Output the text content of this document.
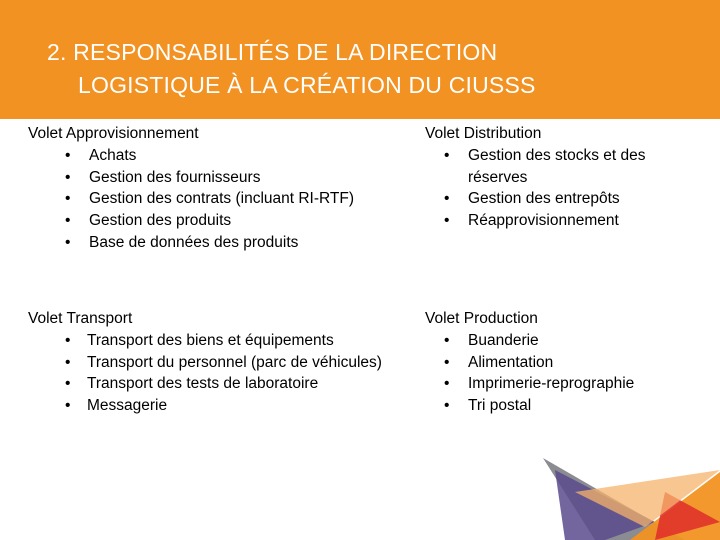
2. RESPONSABILITÉS DE LA DIRECTION
LOGISTIQUE À LA CRÉATION DU CIUSSS
Volet Approvisionnement
• Achats
• Gestion des fournisseurs
• Gestion des contrats (incluant RI-RTF)
• Gestion des produits
• Base de données des produits
Volet Distribution
• Gestion des stocks et des réserves
• Gestion des entrepôts
• Réapprovisionnement
Volet Transport
• Transport des biens et équipements
• Transport du personnel (parc de véhicules)
• Transport des tests de laboratoire
• Messagerie
Volet Production
• Buanderie
• Alimentation
• Imprimerie-reprographie
• Tri postal
